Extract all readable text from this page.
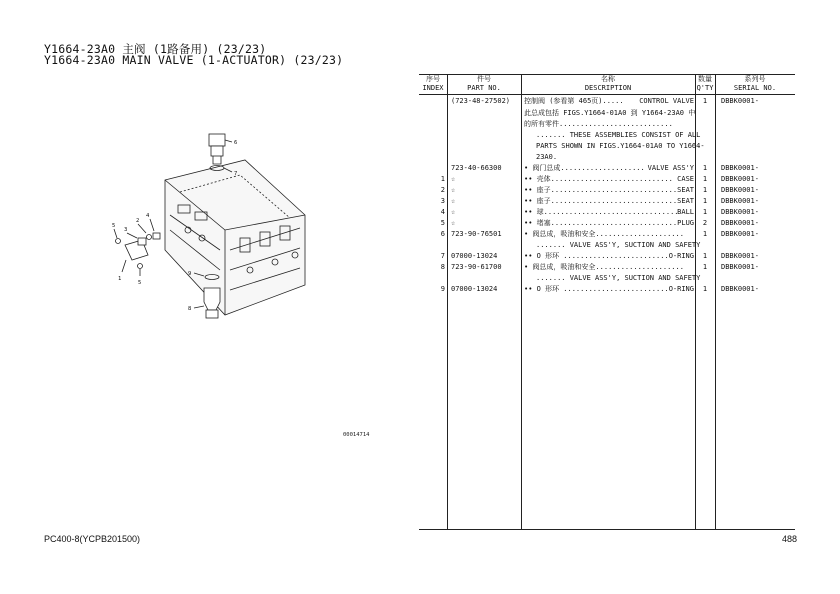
Y1664-23A0 主阀 (1路备用) (23/23)
Y1664-23A0 MAIN VALVE (1-ACTUATOR) (23/23)
1
2
3
4
5
5
6
7
8
9
00014714
序号
INDEX
件号
PART NO.
名称
DESCRIPTION
数量
Q'TY
系列号
SERIAL NO.
(723-48-27502) 控制阀 (参看第 465页)..... CONTROL VALVE	1	DBBK0001-
此总成包括 FIGS.Y1664-01A0 到 Y1664-23A0 中
的所有零件...........................
....... THESE ASSEMBLIES CONSIST OF ALL
PARTS SHOWN IN FIGS.Y1664-01A0 TO Y1664-
23A0.
723-40-66300	• 阀门总成.................... VALVE ASS'Y	1	DBBK0001-
1 ☆	•• 壳体............................. CASE	1	DBBK0001-
2 ☆	•• 座子.............................. SEAT	1	DBBK0001-
3 ☆	•• 座子.............................. SEAT	1	DBBK0001-
4 ☆	•• 球................................
BALL	1	DBBK0001-
5 ☆	•• 堵塞.............................. PLUG	2	DBBK0001-
6 723-90-76501	• 阀总成，吸油和安全.....................	1	DBBK0001-
....... VALVE ASS'Y, SUCTION AND SAFETY
7 07000-13024	•• O 形环 ......................... O-RING	1	DBBK0001-
8 723-90-61700	• 阀总成，吸油和安全.....................	1	DBBK0001-
....... VALVE ASS'Y, SUCTION AND SAFETY
9 07000-13024	•• O 形环 ......................... O-RING	1	DBBK0001-
PC400-8(YCPB201500)	488
